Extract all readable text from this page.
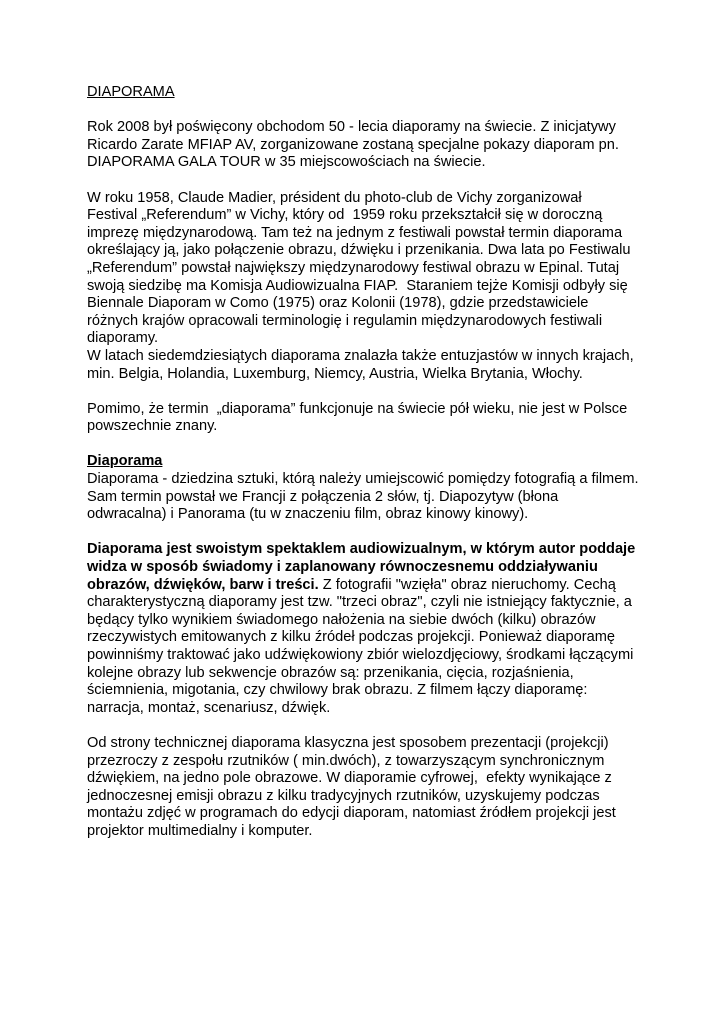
DIAPORAMA
Rok 2008 był poświęcony obchodom 50 - lecia diaporamy na świecie. Z inicjatywy
Ricardo Zarate MFIAP AV, zorganizowane zostaną specjalne pokazy diaporam pn.
DIAPORAMA GALA TOUR w 35 miejscowościach na świecie.
W roku 1958, Claude Madier, président du photo-club de Vichy zorganizował
Festival „Referendum” w Vichy, który od  1959 roku przekształcił się w doroczną
imprezę międzynarodową. Tam też na jednym z festiwali powstał termin diaporama
określający ją, jako połączenie obrazu, dźwięku i przenikania. Dwa lata po Festiwalu
„Referendum” powstał największy międzynarodowy festiwal obrazu w Epinal. Tutaj
swoją siedzibę ma Komisja Audiowizualna FIAP.  Staraniem tejże Komisji odbyły się
Biennale Diaporam w Como (1975) oraz Kolonii (1978), gdzie przedstawiciele
różnych krajów opracowali terminologię i regulamin międzynarodowych festiwali
diaporamy.
W latach siedemdziesiątych diaporama znalazła także entuzjastów w innych krajach,
min. Belgia, Holandia, Luxemburg, Niemcy, Austria, Wielka Brytania, Włochy.
Pomimo, że termin  „diaporama” funkcjonuje na świecie pół wieku, nie jest w Polsce
powszechnie znany.
Diaporama
Diaporama - dziedzina sztuki, którą należy umiejscowić pomiędzy fotografią a filmem.
Sam termin powstał we Francji z połączenia 2 słów, tj. Diapozytyw (błona
odwracalna) i Panorama (tu w znaczeniu film, obraz kinowy kinowy).
Diaporama jest swoistym spektaklem audiowizualnym, w którym autor poddaje
widza w sposób świadomy i zaplanowany równoczesnemu oddziaływaniu
obrazów, dźwięków, barw i treści. Z fotografii "wzięła" obraz nieruchomy. Cechą
charakterystyczną diaporamy jest tzw. "trzeci obraz", czyli nie istniejący faktycznie, a
będący tylko wynikiem świadomego nałożenia na siebie dwóch (kilku) obrazów
rzeczywistych emitowanych z kilku źródeł podczas projekcji. Ponieważ diaporamę
powinniśmy traktować jako udźwiękowiony zbiór wielozdjęciowy, środkami łączącymi
kolejne obrazy lub sekwencje obrazów są: przenikania, cięcia, rozjaśnienia,
ściemnienia, migotania, czy chwilowy brak obrazu. Z filmem łączy diaporamę:
narracja, montaż, scenariusz, dźwięk.
Od strony technicznej diaporama klasyczna jest sposobem prezentacji (projekcji)
przezroczy z zespołu rzutników ( min.dwóch), z towarzyszącym synchronicznym
dźwiękiem, na jedno pole obrazowe. W diaporamie cyfrowej,  efekty wynikające z
jednoczesnej emisji obrazu z kilku tradycyjnych rzutników, uzyskujemy podczas
montażu zdjęć w programach do edycji diaporam, natomiast źródłem projekcji jest
projektor multimedialny i komputer.
